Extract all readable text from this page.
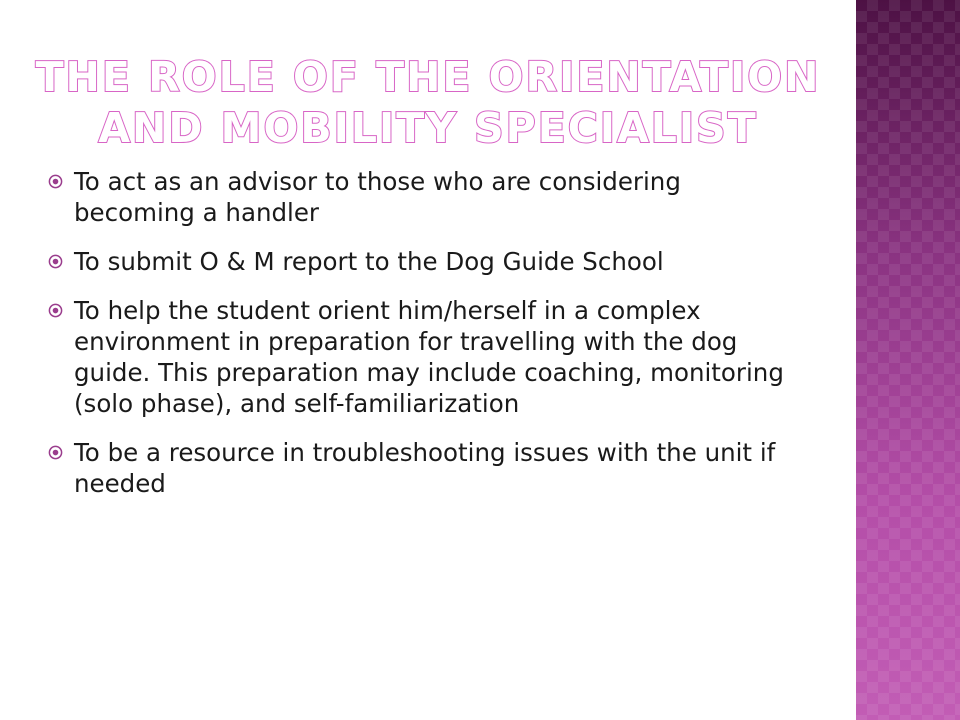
THE ROLE OF THE ORIENTATION AND MOBILITY SPECIALIST
To act as an advisor to those who are considering becoming a handler
To submit O & M report to the Dog Guide School
To help the student orient him/herself in a complex environment in preparation for travelling with the dog guide. This preparation may include coaching, monitoring (solo phase), and self-familiarization
To be a resource in troubleshooting issues with the unit if needed
